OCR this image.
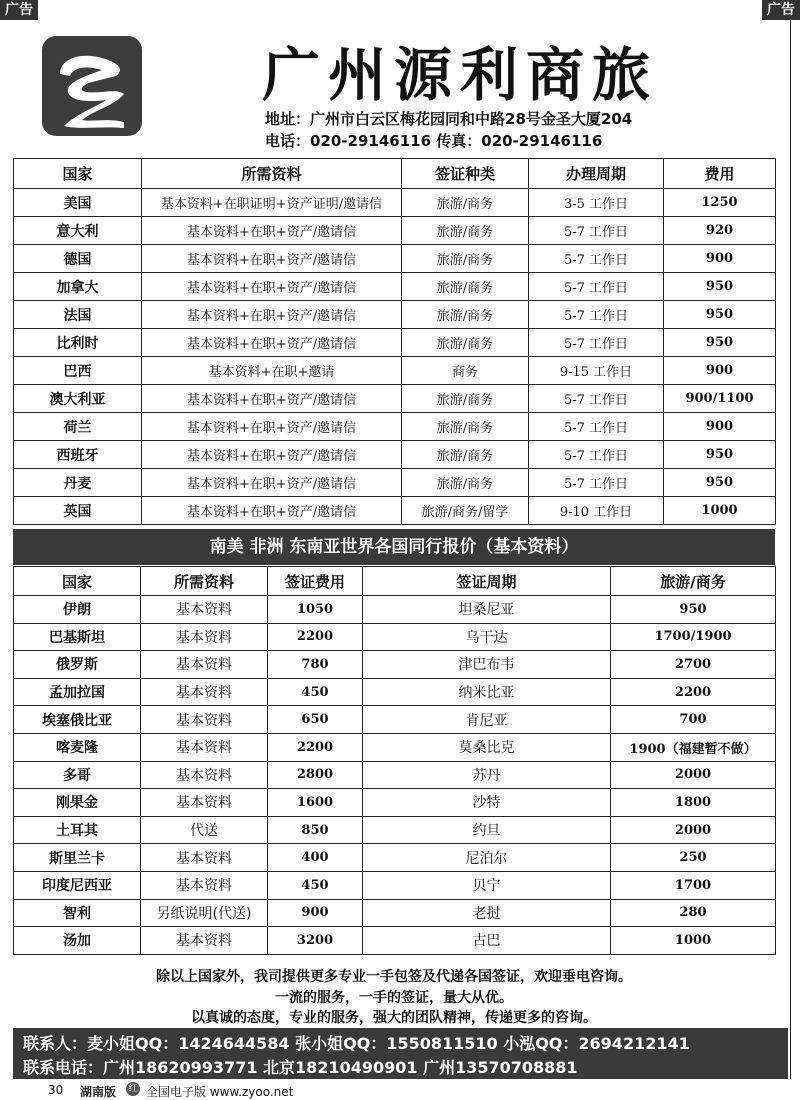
广州源利商旅
地址：广州市白云区梅花园同和中路28号金圣大厦204
电话：020-29146116 传真：020-29146116
国家	所需资料	签证种类	办理周期	费用
美国	基本资料+在职证明+资产证明/邀请信	旅游/商务	3-5 工作日	1250
意大利	基本资料+在职+资产/邀请信	旅游/商务	5-7 工作日	920
德国	基本资料+在职+资产/邀请信	旅游/商务	5-7 工作日	900
加拿大	基本资料+在职+资产/邀请信	旅游/商务	5-7 工作日	950
法国	基本资料+在职+资产/邀请信	旅游/商务	5-7 工作日	950
比利时	基本资料+在职+资产/邀请信	旅游/商务	5-7 工作日	950
巴西	基本资料+在职+邀请	商务	9-15 工作日	900
澳大利亚	基本资料+在职+资产/邀请信	旅游/商务	5-7 工作日	900/1100
荷兰	基本资料+在职+资产/邀请信	旅游/商务	5-7 工作日	900
西班牙	基本资料+在职+资产/邀请信	旅游/商务	5-7 工作日	950
丹麦	基本资料+在职+资产/邀请信	旅游/商务	5-7 工作日	950
英国	基本资料+在职+资产/邀请信	旅游/商务/留学	9-10 工作日	1000
南美 非洲 东南亚世界各国同行报价（基本资料）
国家	所需资料	签证费用	签证周期	旅游/商务
伊朗	基本资料	1050	坦桑尼亚	950
巴基斯坦	基本资料	2200	乌干达	1700/1900
俄罗斯	基本资料	780	津巴布韦	2700
孟加拉国	基本资料	450	纳米比亚	2200
埃塞俄比亚	基本资料	650	肯尼亚	700
喀麦隆	基本资料	2200	莫桑比克	1900（福建暂不做）
多哥	基本资料	2800	苏丹	2000
刚果金	基本资料	1600	沙特	1800
土耳其	代送	850	约旦	2000
斯里兰卡	基本资料	400	尼泊尔	250
印度尼西亚	基本资料	450	贝宁	1700
智利	另纸说明(代送)	900	老挝	280
汤加	基本资料	3200	古巴	1000
除以上国家外，我司提供更多专业一手包签及代递各国签证，欢迎垂电咨询。
一流的服务，一手的签证，量大从优。
以真诚的态度，专业的服务，强大的团队精神，传递更多的咨询。
联系人：麦小姐QQ：1424644584 张小姐QQ：1550811510 小泓QQ：2694212141
联系电话：广州18620993771 北京18210490901 广州13570708881
广告	广告
30 湖南版 红 全国电子版 www.zyoo.net
